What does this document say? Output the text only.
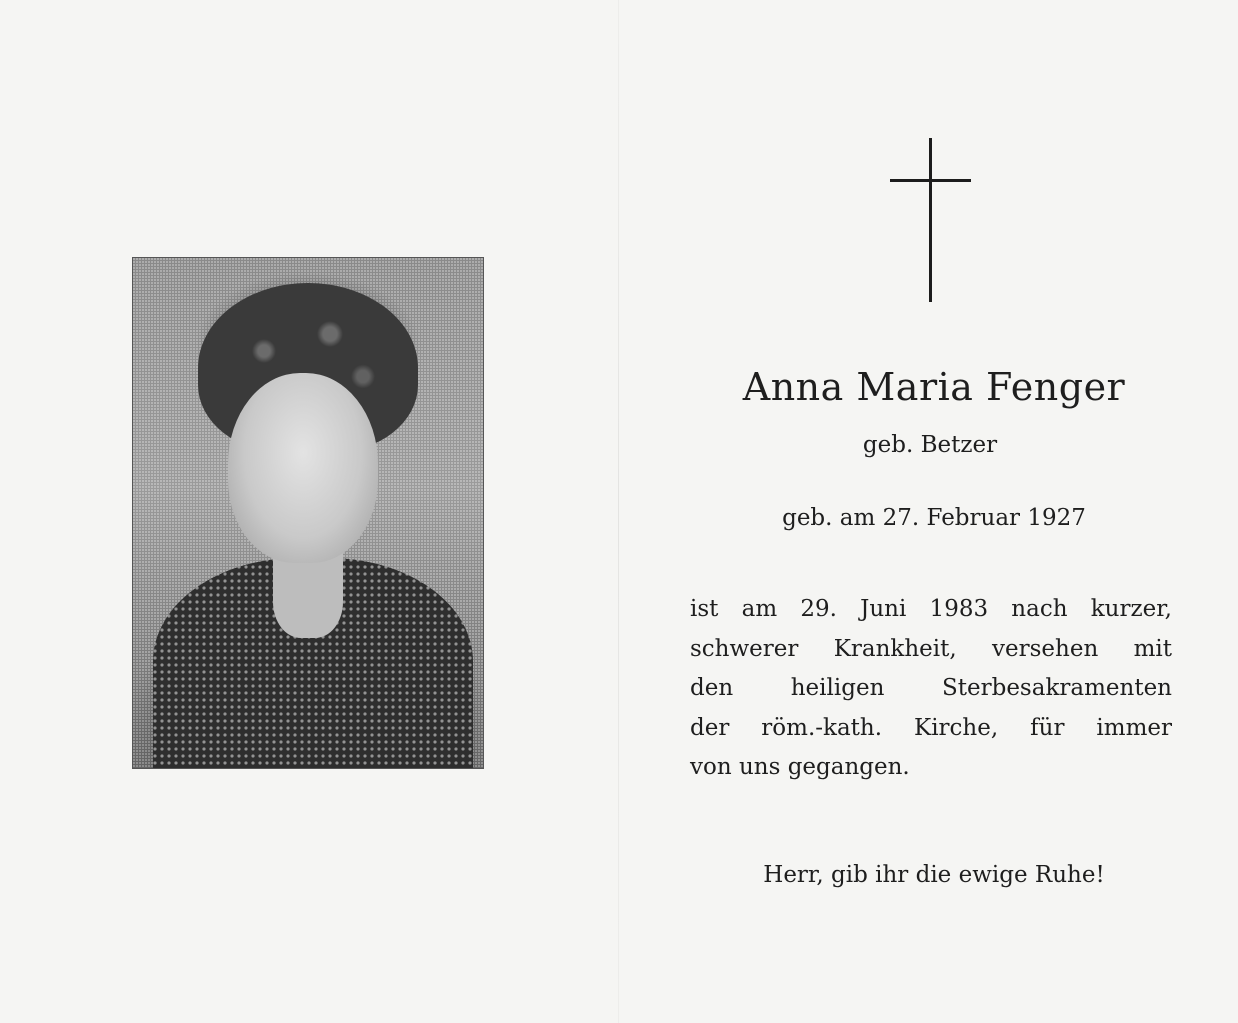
Anna Maria Fenger
geb. Betzer
geb. am 27. Februar 1927
ist am 29. Juni 1983 nach kurzer,
schwerer Krankheit, versehen mit
den heiligen Sterbesakramenten
der röm.-kath. Kirche, für immer
von uns gegangen.
Herr, gib ihr die ewige Ruhe!
